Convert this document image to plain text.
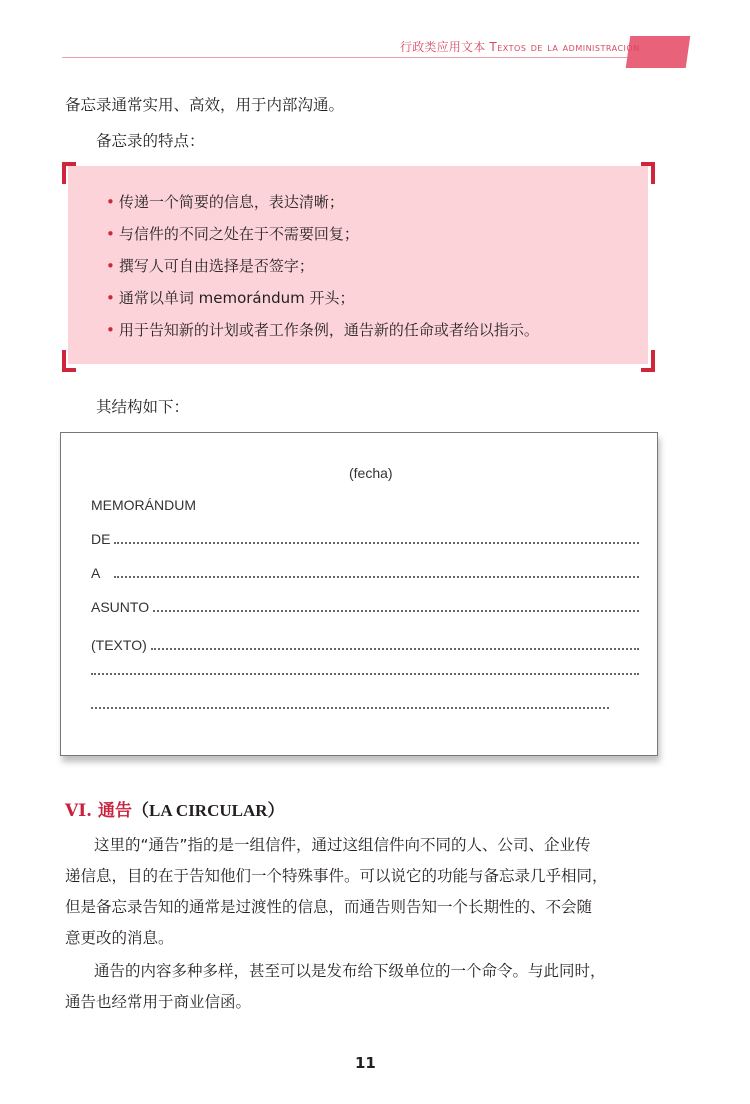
行政类应用文本 Textos de la administración
备忘录通常实用、高效，用于内部沟通。
备忘录的特点：
• 传递一个简要的信息，表达清晰；
• 与信件的不同之处在于不需要回复；
• 撰写人可自由选择是否签字；
• 通常以单词 memorándum 开头；
• 用于告知新的计划或者工作条例，通告新的任命或者给以指示。
其结构如下：
(fecha)
MEMORÁNDUM
DE
A
ASUNTO
(TEXTO)
VI. 通告（LA CIRCULAR）
这里的“通告”指的是一组信件，通过这组信件向不同的人、公司、企业传
递信息，目的在于告知他们一个特殊事件。可以说它的功能与备忘录几乎相同，
但是备忘录告知的通常是过渡性的信息，而通告则告知一个长期性的、不会随
意更改的消息。
通告的内容多种多样，甚至可以是发布给下级单位的一个命令。与此同时，
通告也经常用于商业信函。
11
